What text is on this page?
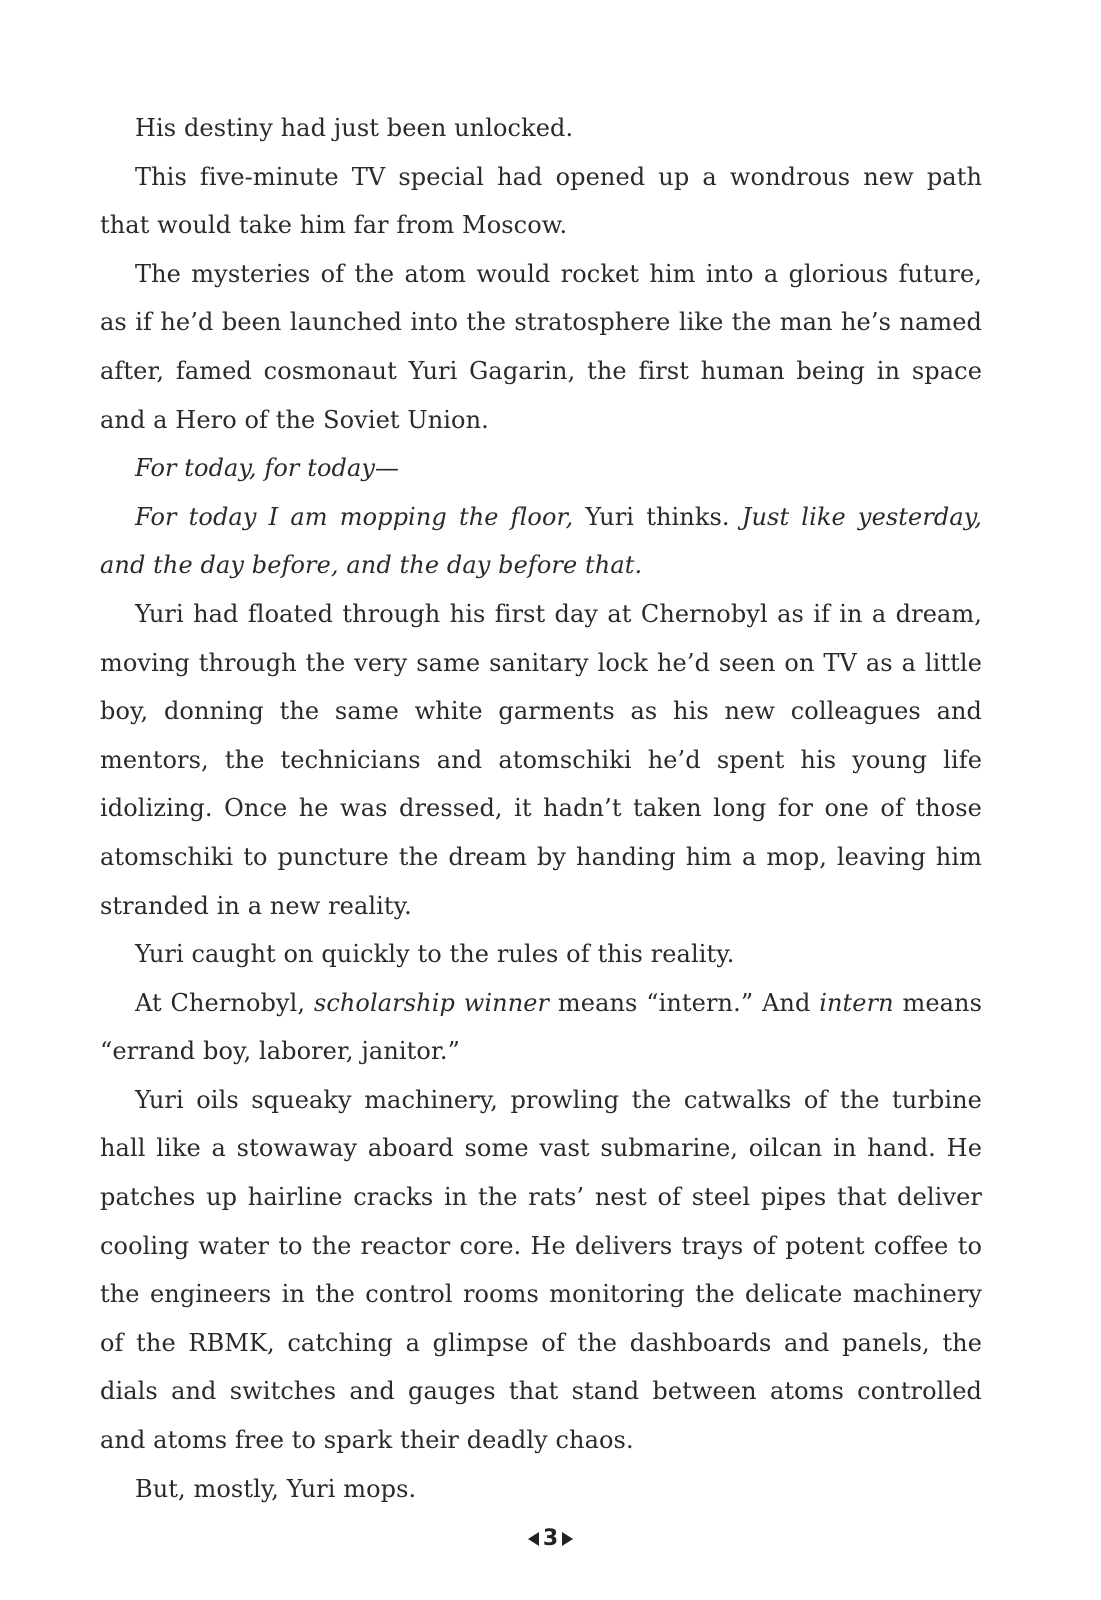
His destiny had just been unlocked.

This five-minute TV special had opened up a wondrous new path that would take him far from Moscow.

The mysteries of the atom would rocket him into a glorious future, as if he’d been launched into the stratosphere like the man he’s named after, famed cosmonaut Yuri Gagarin, the first human being in space and a Hero of the Soviet Union.

For today, for today—

For today I am mopping the floor, Yuri thinks. Just like yesterday, and the day before, and the day before that.

Yuri had floated through his first day at Chernobyl as if in a dream, moving through the very same sanitary lock he’d seen on TV as a little boy, donning the same white garments as his new colleagues and mentors, the technicians and atomschiki he’d spent his young life idolizing. Once he was dressed, it hadn’t taken long for one of those atomschiki to puncture the dream by handing him a mop, leaving him stranded in a new reality.

Yuri caught on quickly to the rules of this reality.

At Chernobyl, scholarship winner means “intern.” And intern means “errand boy, laborer, janitor.”

Yuri oils squeaky machinery, prowling the catwalks of the turbine hall like a stowaway aboard some vast submarine, oilcan in hand. He patches up hairline cracks in the rats’ nest of steel pipes that deliver cooling water to the reactor core. He delivers trays of potent coffee to the engineers in the control rooms monitoring the delicate machinery of the RBMK, catching a glimpse of the dashboards and panels, the dials and switches and gauges that stand between atoms controlled and atoms free to spark their deadly chaos.

But, mostly, Yuri mops.

3
